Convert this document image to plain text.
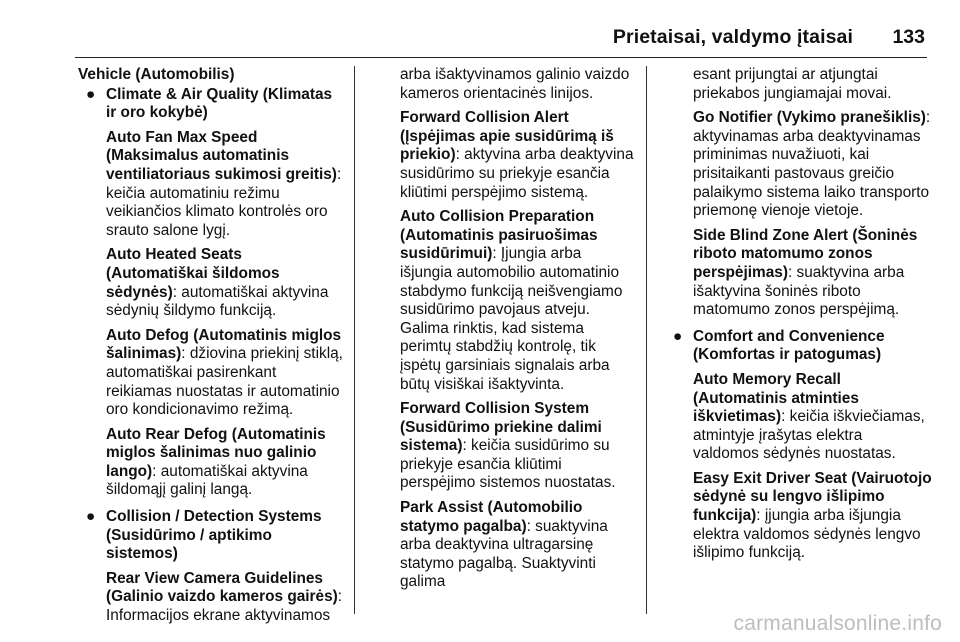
Prietaisai, valdymo įtaisai 133
Vehicle (Automobilis)
● Climate & Air Quality (Klimatas ir oro kokybė)
Auto Fan Max Speed (Maksimalus automatinis ventiliatoriaus sukimosi greitis): keičia automatiniu režimu veikiančios klimato kontrolės oro srauto salone lygį.
Auto Heated Seats (Automatiškai šildomos sėdynės): automatiškai aktyvina sėdynių šildymo funkciją.
Auto Defog (Automatinis miglos šalinimas): džiovina priekinį stiklą, automatiškai pasirenkant reikiamas nuostatas ir automatinio oro kondicionavimo režimą.
Auto Rear Defog (Automatinis miglos šalinimas nuo galinio lango): automatiškai aktyvina šildomąjį galinį langą.
● Collision / Detection Systems (Susidūrimo / aptikimo sistemos)
Rear View Camera Guidelines (Galinio vaizdo kameros gairės): Informacijos ekrane aktyvinamos
arba išaktyvinamos galinio vaizdo kameros orientacinės linijos.
Forward Collision Alert (Įspėjimas apie susidūrimą iš priekio): aktyvina arba deaktyvina susidūrimo su priekyje esančia kliūtimi perspėjimo sistemą.
Auto Collision Preparation (Automatinis pasiruošimas susidūrimui): Įjungia arba išjungia automobilio automatinio stabdymo funkciją neišvengiamo susidūrimo pavojaus atveju. Galima rinktis, kad sistema perimtų stabdžių kontrolę, tik įspėtų garsiniais signalais arba būtų visiškai išaktyvinta.
Forward Collision System (Susidūrimo priekine dalimi sistema): keičia susidūrimo su priekyje esančia kliūtimi perspėjimo sistemos nuostatas.
Park Assist (Automobilio statymo pagalba): suaktyvina arba deaktyvina ultragarsinę statymo pagalbą. Suaktyvinti galima
esant prijungtai ar atjungtai priekabos jungiamajai movai.
Go Notifier (Vykimo pranešiklis): aktyvinamas arba deaktyvinamas priminimas nuvažiuoti, kai prisitaikanti pastovaus greičio palaikymo sistema laiko transporto priemonę vienoje vietoje.
Side Blind Zone Alert (Šoninės riboto matomumo zonos perspėjimas): suaktyvina arba išaktyvina šoninės riboto matomumo zonos perspėjimą.
● Comfort and Convenience (Komfortas ir patogumas)
Auto Memory Recall (Automatinis atminties iškvietimas): keičia iškviečiamas, atmintyje įrašytas elektra valdomos sėdynės nuostatas.
Easy Exit Driver Seat (Vairuotojo sėdynė su lengvo išlipimo funkcija): įjungia arba išjungia elektra valdomos sėdynės lengvo išlipimo funkciją.
carmanualsonline.info
